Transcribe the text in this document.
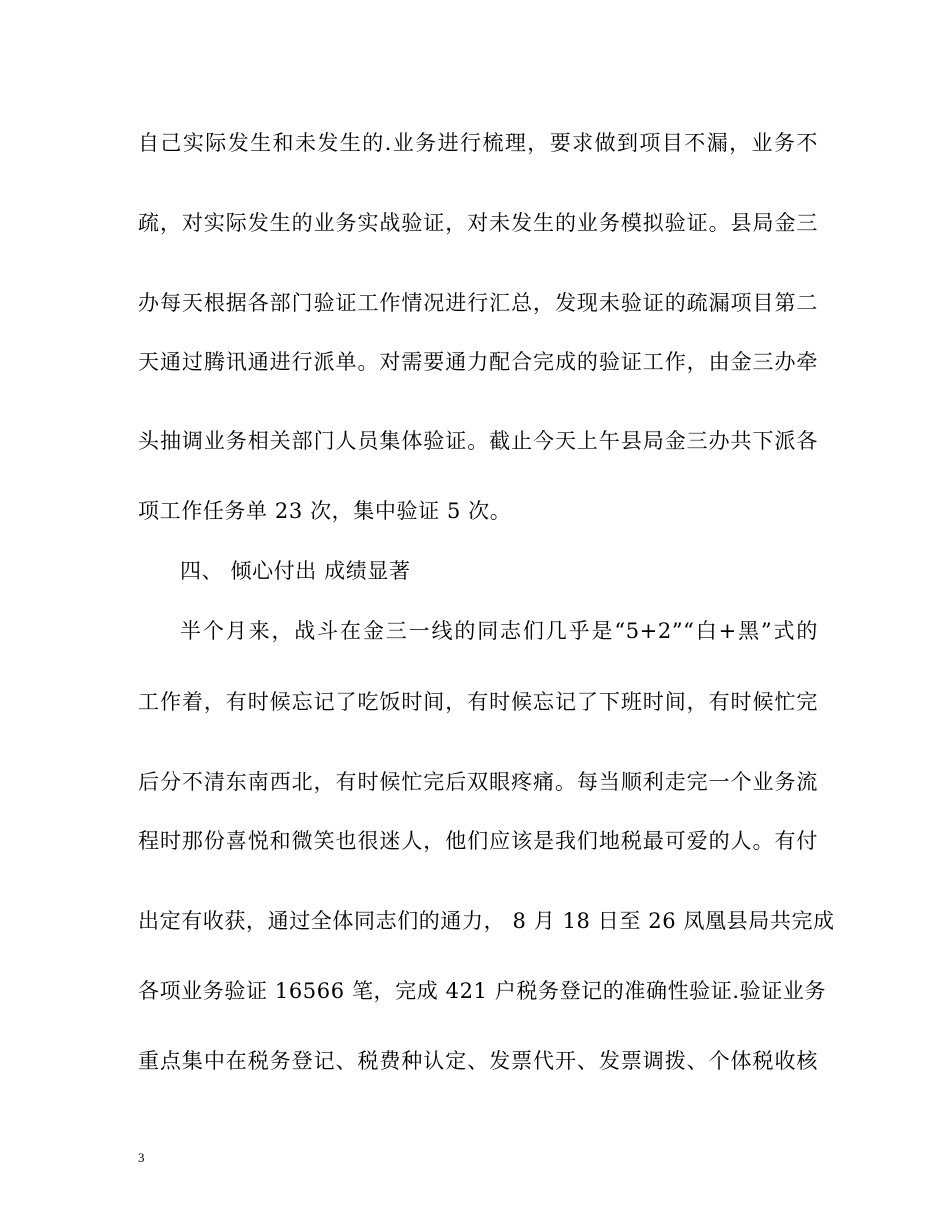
自己实际发生和未发生的.业务进行梳理，要求做到项目不漏，业务不
疏，对实际发生的业务实战验证，对未发生的业务模拟验证。县局金三
办每天根据各部门验证工作情况进行汇总，发现未验证的疏漏项目第二
天通过腾讯通进行派单。对需要通力配合完成的验证工作，由金三办牵
头抽调业务相关部门人员集体验证。截止今天上午县局金三办共下派各
项工作任务单 23 次，集中验证 5 次。
四、 倾心付出 成绩显著
半个月来，战斗在金三一线的同志们几乎是“5+2”“白+黑”式的
工作着，有时候忘记了吃饭时间，有时候忘记了下班时间，有时候忙完
后分不清东南西北，有时候忙完后双眼疼痛。每当顺利走完一个业务流
程时那份喜悦和微笑也很迷人，他们应该是我们地税最可爱的人。有付
出定有收获，通过全体同志们的通力， 8 月 18 日至 26 凤凰县局共完成
各项业务验证 16566 笔，完成 421 户税务登记的准确性验证.验证业务
重点集中在税务登记、税费种认定、发票代开、发票调拨、个体税收核
3
